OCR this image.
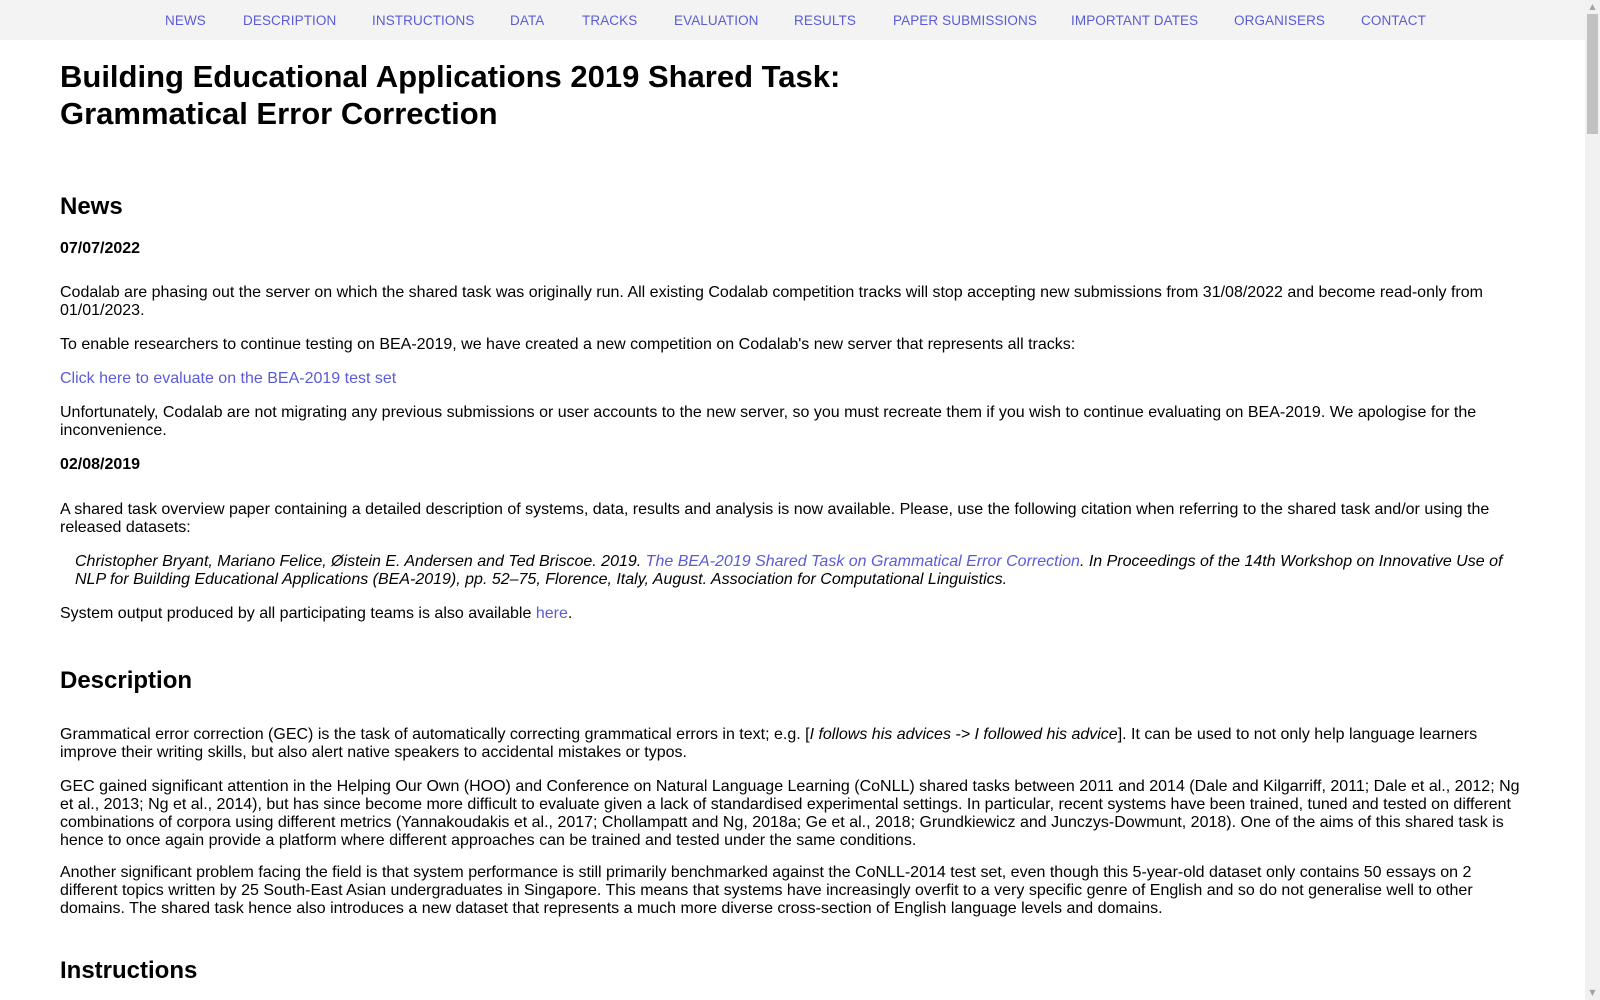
NEWS	DESCRIPTION	INSTRUCTIONS	DATA	TRACKS	EVALUATION	RESULTS	PAPER SUBMISSIONS	IMPORTANT DATES	ORGANISERS	CONTACT
Building Educational Applications 2019 Shared Task:
Grammatical Error Correction
News
07/07/2022

Codalab are phasing out the server on which the shared task was originally run. All existing Codalab competition tracks will stop accepting new submissions from 31/08/2022 and become read-only from 01/01/2023.

To enable researchers to continue testing on BEA-2019, we have created a new competition on Codalab's new server that represents all tracks:

Click here to evaluate on the BEA-2019 test set

Unfortunately, Codalab are not migrating any previous submissions or user accounts to the new server, so you must recreate them if you wish to continue evaluating on BEA-2019. We apologise for the inconvenience.

02/08/2019

A shared task overview paper containing a detailed description of systems, data, results and analysis is now available. Please, use the following citation when referring to the shared task and/or using the released datasets:

Christopher Bryant, Mariano Felice, Øistein E. Andersen and Ted Briscoe. 2019. The BEA-2019 Shared Task on Grammatical Error Correction. In Proceedings of the 14th Workshop on Innovative Use of NLP for Building Educational Applications (BEA-2019), pp. 52–75, Florence, Italy, August. Association for Computational Linguistics.

System output produced by all participating teams is also available here.

Description

Grammatical error correction (GEC) is the task of automatically correcting grammatical errors in text; e.g. [I follows his advices -> I followed his advice]. It can be used to not only help language learners improve their writing skills, but also alert native speakers to accidental mistakes or typos.

GEC gained significant attention in the Helping Our Own (HOO) and Conference on Natural Language Learning (CoNLL) shared tasks between 2011 and 2014 (Dale and Kilgarriff, 2011; Dale et al., 2012; Ng et al., 2013; Ng et al., 2014), but has since become more difficult to evaluate given a lack of standardised experimental settings. In particular, recent systems have been trained, tuned and tested on different combinations of corpora using different metrics (Yannakoudakis et al., 2017; Chollampatt and Ng, 2018a; Ge et al., 2018; Grundkiewicz and Junczys-Dowmunt, 2018). One of the aims of this shared task is hence to once again provide a platform where different approaches can be trained and tested under the same conditions.

Another significant problem facing the field is that system performance is still primarily benchmarked against the CoNLL-2014 test set, even though this 5-year-old dataset only contains 50 essays on 2 different topics written by 25 South-East Asian undergraduates in Singapore. This means that systems have increasingly overfit to a very specific genre of English and so do not generalise well to other domains. The shared task hence also introduces a new dataset that represents a much more diverse cross-section of English language levels and domains.

Instructions
▲
▼
